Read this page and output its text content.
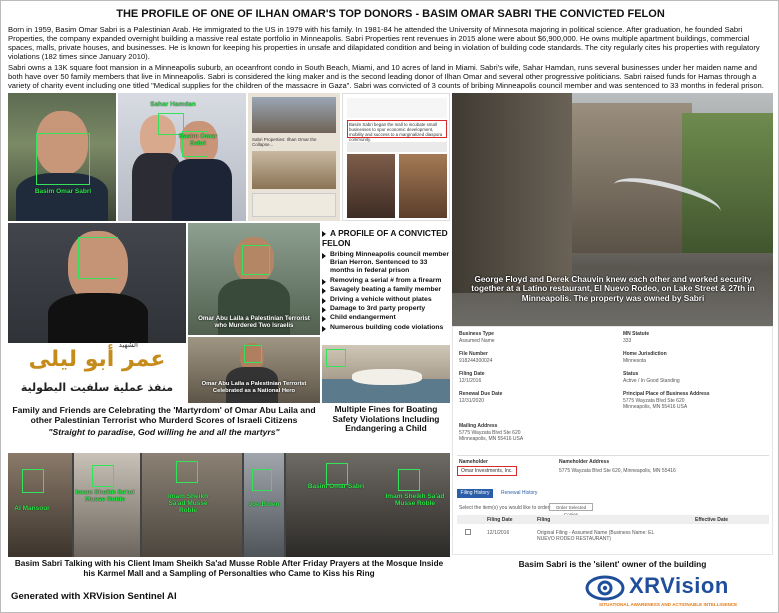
THE PROFILE OF ONE OF ILHAN OMAR'S TOP DONORS - BASIM OMAR SABRI THE CONVICTED FELON
Born in 1959, Basim Omar Sabri is a Palestinian Arab. He immigrated to the US in 1979 with his family. In 1981-84 he attended the University of Minnesota majoring in political science. After graduation, he founded Sabri Properties, the company expanded overnight building a massive real estate portfolio in Minneapolis. Sabri Properties rent revenues in 2015 alone were about $6,900,000. He owns multiple apartment buildings, commercial spaces, malls, private houses, and businesses. He is known for keeping his properties in unsafe and dilapidated condition and being in violation of building code standards. The city regularly cites his properties with regulatory violations (182 times since January 2010).
Sabri owns a 13K square foot mansion in a Minneapolis suburb, an oceanfront condo in South Beach, Miami, and 10 acres of land in Miami. Sabri's wife, Sahar Hamdan, runs several businesses under her maiden name and both have over 50 family members that live in Minneapolis. Sabri is considered the king maker and is the second leading donor of Ilhan Omar and several other progressive politicians. Sabri raised funds for Hamas through a variety of charity event including one titled "Medical supplies for the children of the massacre in Gaza". Sabri was convicted of 3 counts of bribing Minneapolis council member and was sentenced to 33 months in federal prison.
Basim Omar Sabri
Sahar Hamdan
Basim Omar Sabri
Sabri Properties: Ilhan Omar the Collapse...
Basim Sabri began the mall to incubate small businesses to spur economic development, mobility and success to a marginalized diaspora community.
George Floyd and Derek Chauvin knew each other and worked security together at a Latino restaurant, El Nuevo Rodeo, on Lake Street & 27th in Minneapolis. The property was owned by Sabri
الشهيد
عمر أبو ليلى
منفذ عملية سلفيت البطولية
Omar Abu Laila a Palestinian Terrorist who Murdered Two Israelis
A PROFILE OF A CONVICTED FELON
Bribing Minneapolis council member Brian Herron. Sentenced to 33 months in federal prison
Removing a serial # from a firearm
Savagely beating a family member
Driving a vehicle without plates
Damage to 3rd party property
Child endangerment
Numerous building code violations
Omar Abu Laila a Palestinian Terrorist Celebrated as a National Hero
Family and Friends are Celebrating the 'Martyrdom' of Omar Abu Laila and other Palestinian Terrorist who Murderd Scores of Israeli Citizens
"Straight to paradise, God willing he and all the martyrs"
Multiple Fines for Boating Safety Violations Including Endangering a Child
Business Type
Assumed Name
MN Statute
333
File Number
918244300024
Home Jurisdiction
Minnesota
Filing Date
12/1/2016
Status
Active / In Good Standing
Renewal Due Date
12/31/2020
Principal Place of Business Address
5775 Wayzata Blvd Ste 620 Minneapolis, MN 55416 USA
Mailing Address
5775 Wayzata Blvd Ste 620 Minneapolis, MN 55416 USA
Nameholder	Nameholder Address
Omar Investments, Inc.	5775 Wayzata Blvd Ste 620, Minneapolis, MN 55416
Filing History	Renewal History
Select the item(s) you would like to order:	Order Selected
Filing Date	Filing	Effective Date
12/1/2016	Original Filing - Assumed Name (Business Name: EL NUEVO RODEO RESTAURANT)
Al Mansour
Imam Sheikh Sa'ad Musse Roble	Imam Sheikh Sa'ad Musse Roble
Joe Biden
Basim Omar Sabri
Imam Sheikh Sa'ad Musse Roble
Basim Sabri Talking with his Client Imam Sheikh Sa'ad Musse Roble After Friday Prayers at the Mosque Inside his Karmel Mall and a Sampling of Personalties who Came to Kiss his Ring
Basim Sabri is the 'silent' owner of the building
Generated with XRVision Sentinel AI	XRVision
SITUATIONAL AWARENESS AND ACTIONABLE INTELLIGENCE
